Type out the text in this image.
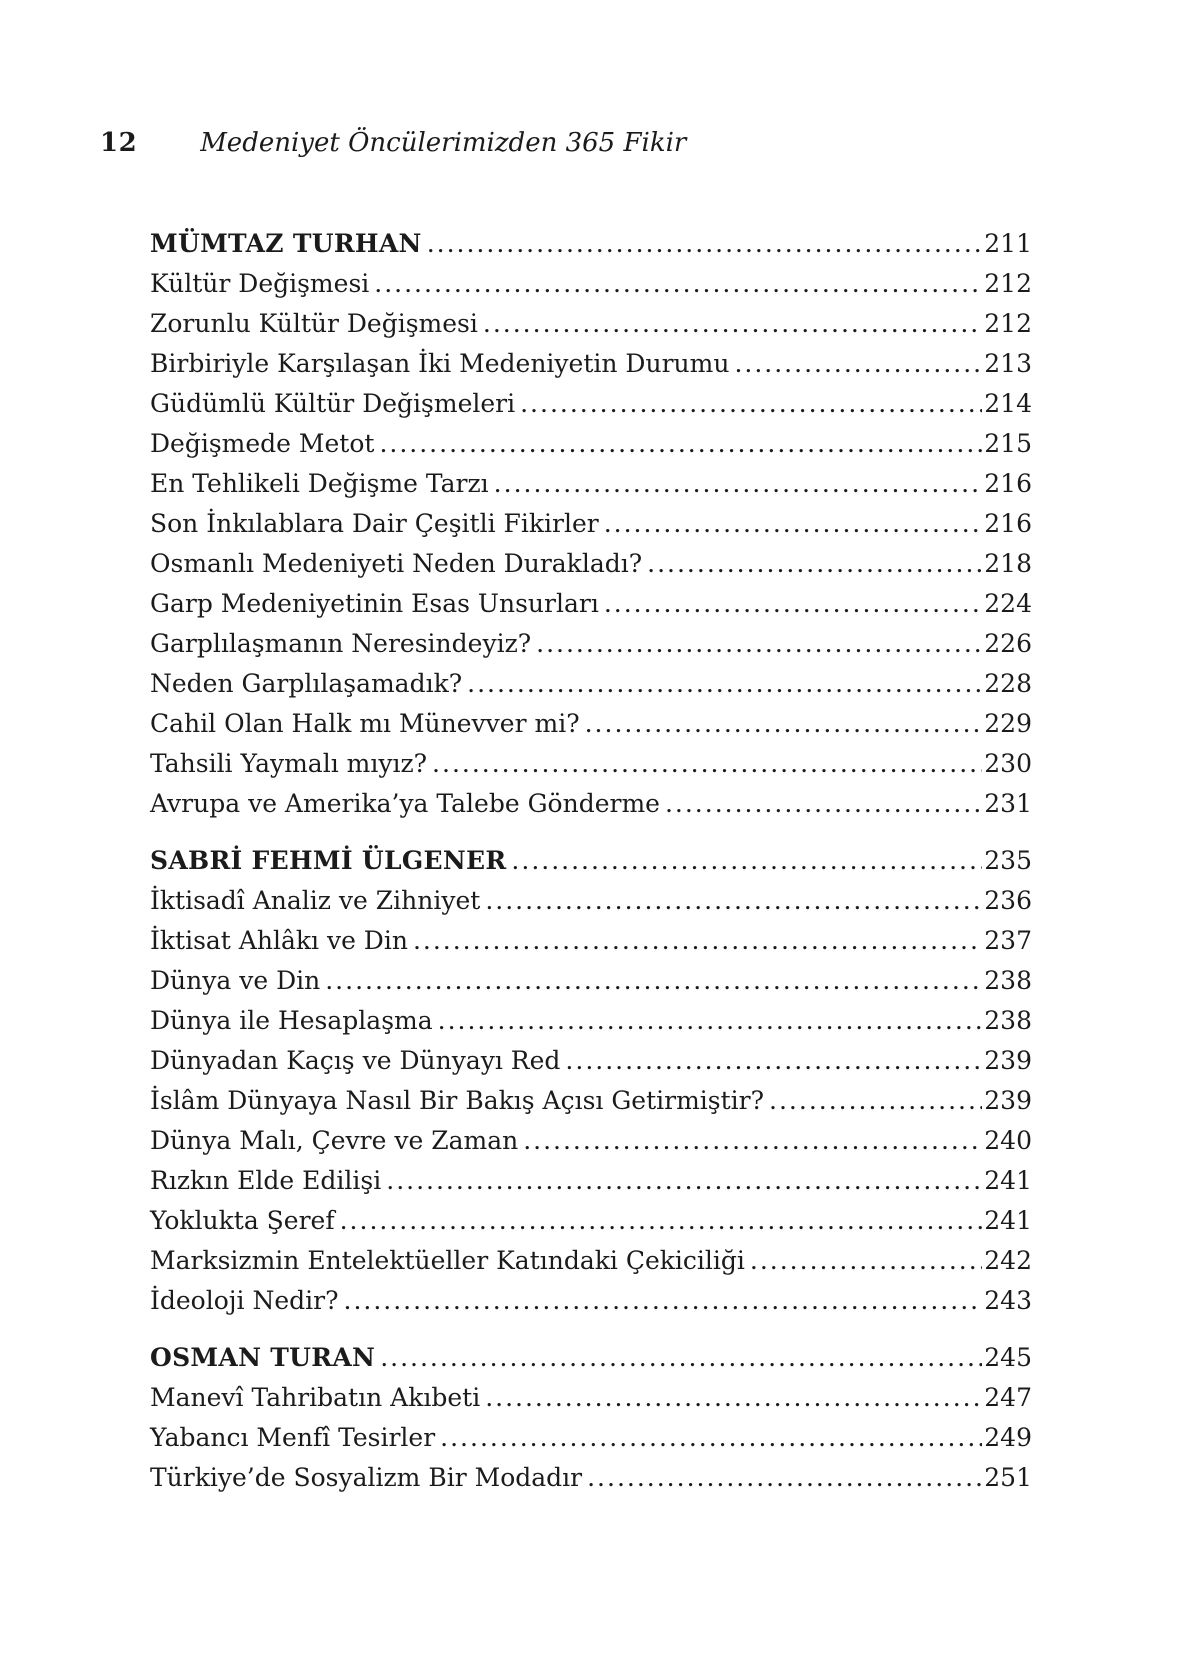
12 Medeniyet Öncülerimizden 365 Fikir
MÜMTAZ TURHAN .....	211
Kültür Değişmesi .....	212
Zorunlu Kültür Değişmesi .....	212
Birbiriyle Karşılaşan İki Medeniyetin Durumu .....	213
Güdümlü Kültür Değişmeleri .....	214
Değişmede Metot .....	215
En Tehlikeli Değişme Tarzı .....	216
Son İnkılablara Dair Çeşitli Fikirler .....	216
Osmanlı Medeniyeti Neden Durakladı? .....	218
Garp Medeniyetinin Esas Unsurları .....	224
Garplılaşmanın Neresindeyiz? .....	226
Neden Garplılaşamadık? .....	228
Cahil Olan Halk mı Münevver mi? .....	229
Tahsili Yaymalı mıyız? .....	230
Avrupa ve Amerika’ya Talebe Gönderme .....	231
SABRİ FEHMİ ÜLGENER .....	235
İktisadî Analiz ve Zihniyet .....	236
İktisat Ahlâkı ve Din .....	237
Dünya ve Din .....	238
Dünya ile Hesaplaşma .....	238
Dünyadan Kaçış ve Dünyayı Red .....	239
İslâm Dünyaya Nasıl Bir Bakış Açısı Getirmiştir? .....	239
Dünya Malı, Çevre ve Zaman .....	240
Rızkın Elde Edilişi .....	241
Yoklukta Şeref .....	241
Marksizmin Entelektüeller Katındaki Çekiciliği .....	242
İdeoloji Nedir? .....	243
OSMAN TURAN .....	245
Manevî Tahribatın Akıbeti .....	247
Yabancı Menfî Tesirler .....	249
Türkiye’de Sosyalizm Bir Modadır .....	251
